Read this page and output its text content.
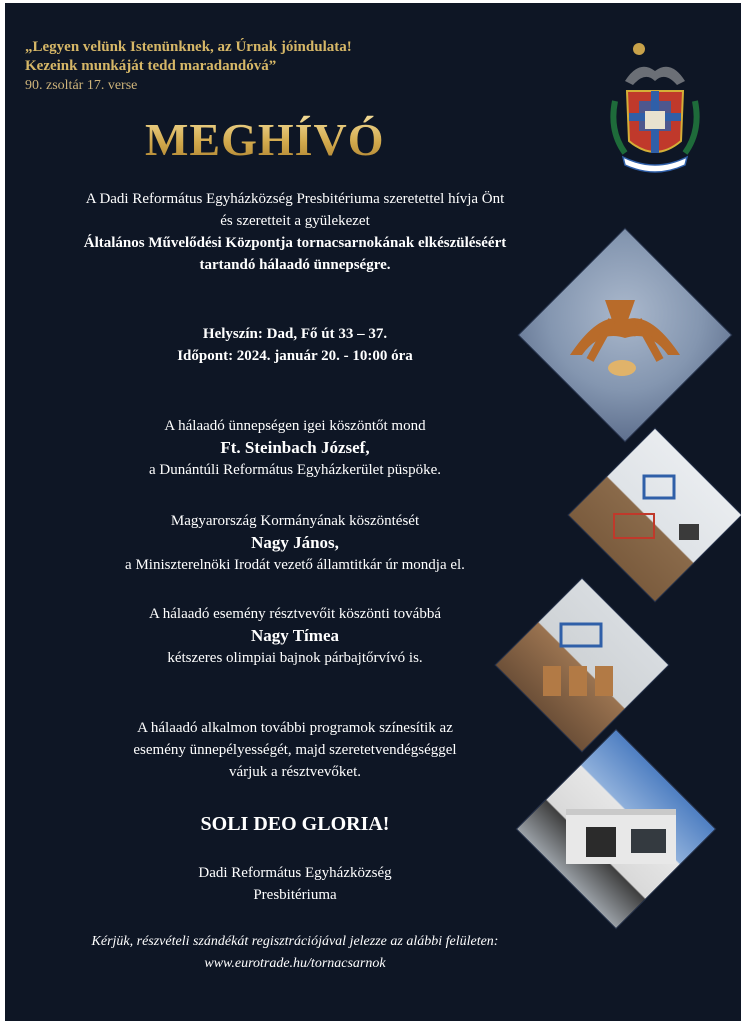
„Legyen velünk Istenünknek, az Úrnak jóindulata!
Kezeink munkáját tedd maradandóvá”
90. zsoltár 17. verse
MEGHÍVÓ
A Dadi Református Egyházközség Presbitériuma szeretettel hívja Önt
és szeretteit a gyülekezet
Általános Művelődési Központja tornacsarnokának elkészüléséért
tartandó hálaadó ünnepségre.
Helyszín: Dad, Fő út 33 – 37.
Időpont: 2024. január 20. - 10:00 óra
A hálaadó ünnepségen igei köszöntőt mond
Ft. Steinbach József,
a Dunántúli Református Egyházkerület püspöke.
Magyarország Kormányának köszöntését
Nagy János,
a Miniszterelnöki Irodát vezető államtitkár úr mondja el.
A hálaadó esemény résztvevőit köszönti továbbá
Nagy Tímea
kétszeres olimpiai bajnok párbajtőrvívó is.
A hálaadó alkalmon további programok színesítik az
esemény ünnepélyességét, majd szeretetvendégséggel
várjuk a résztvevőket.
SOLI DEO GLORIA!
Dadi Református Egyházközség
Presbitériuma
Kérjük, részvételi szándékát regisztrációjával jelezze az alábbi felületen:
www.eurotrade.hu/tornacsarnok
